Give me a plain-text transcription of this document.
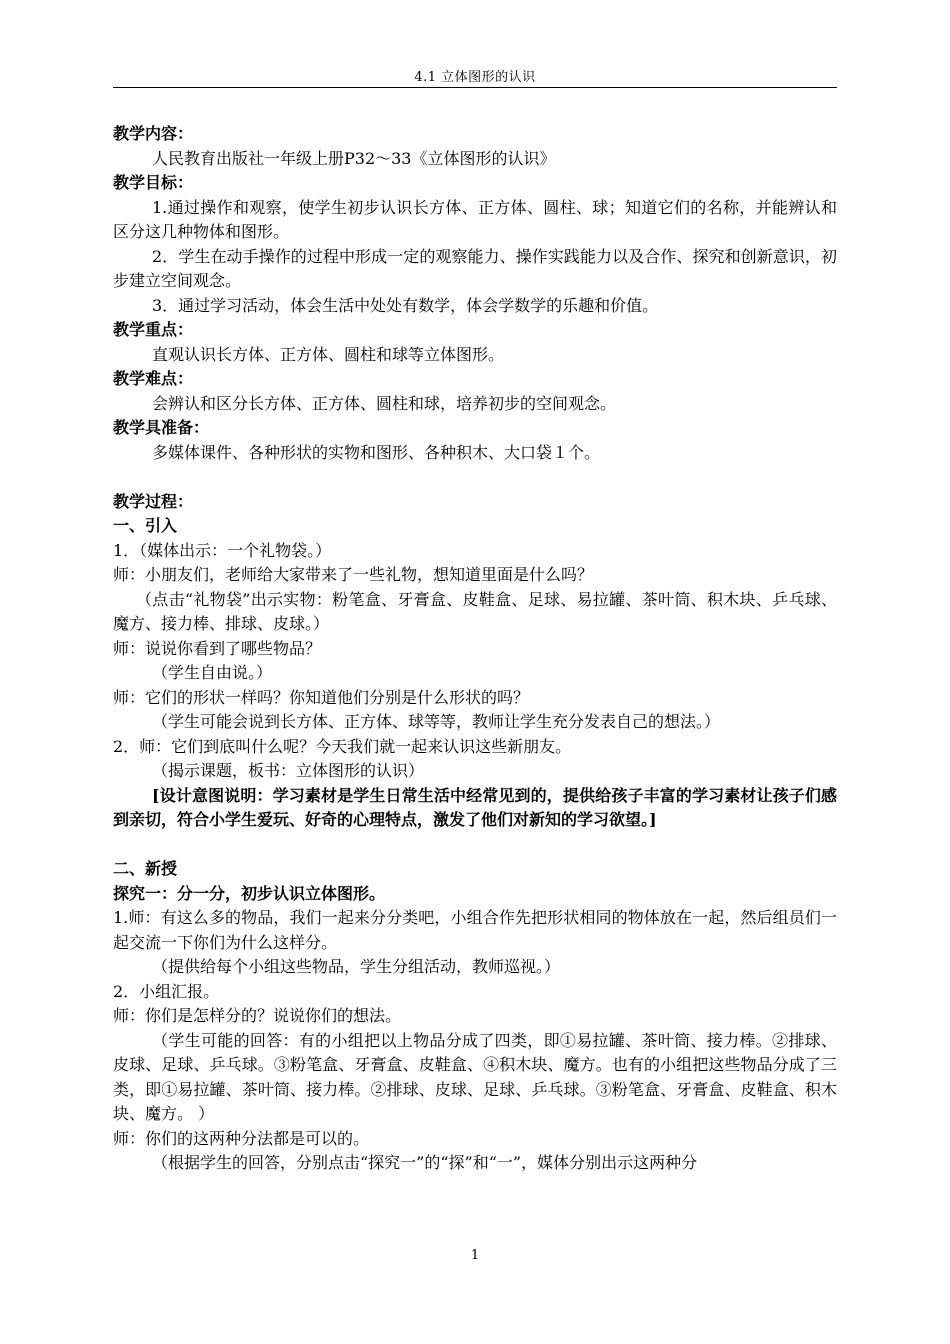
4.1 立体图形的认识

教学内容：

人民教育出版社一年级上册P32～33《立体图形的认识》

教学目标：

1.通过操作和观察，使学生初步认识长方体、正方体、圆柱、球；知道它们的名称，并能辨认和区分这几种物体和图形。

2．学生在动手操作的过程中形成一定的观察能力、操作实践能力以及合作、探究和创新意识，初步建立空间观念。

3．通过学习活动，体会生活中处处有数学，体会学数学的乐趣和价值。

教学重点：

直观认识长方体、正方体、圆柱和球等立体图形。

教学难点：

会辨认和区分长方体、正方体、圆柱和球，培养初步的空间观念。

教学具准备：

多媒体课件、各种形状的实物和图形、各种积木、大口袋１个。

教学过程：

一、引入

1．（媒体出示：一个礼物袋。）

师：小朋友们，老师给大家带来了一些礼物，想知道里面是什么吗？

（点击“礼物袋”出示实物：粉笔盒、牙膏盒、皮鞋盒、足球、易拉罐、茶叶筒、积木块、乒乓球、魔方、接力棒、排球、皮球。）

师：说说你看到了哪些物品？

（学生自由说。）

师：它们的形状一样吗？你知道他们分别是什么形状的吗？

（学生可能会说到长方体、正方体、球等等，教师让学生充分发表自己的想法。）

2．师：它们到底叫什么呢？今天我们就一起来认识这些新朋友。

（揭示课题，板书：立体图形的认识）

[设计意图说明：学习素材是学生日常生活中经常见到的，提供给孩子丰富的学习素材让孩子们感到亲切，符合小学生爱玩、好奇的心理特点，激发了他们对新知的学习欲望。]

二、新授

探究一：分一分，初步认识立体图形。

1.师：有这么多的物品，我们一起来分分类吧，小组合作先把形状相同的物体放在一起，然后组员们一起交流一下你们为什么这样分。

（提供给每个小组这些物品，学生分组活动，教师巡视。）

2．小组汇报。

师：你们是怎样分的？说说你们的想法。

（学生可能的回答：有的小组把以上物品分成了四类，即①易拉罐、茶叶筒、接力棒。②排球、皮球、足球、乒乓球。③粉笔盒、牙膏盒、皮鞋盒、④积木块、魔方。也有的小组把这些物品分成了三类，即①易拉罐、茶叶筒、接力棒。②排球、皮球、足球、乒乓球。③粉笔盒、牙膏盒、皮鞋盒、积木块、魔方。 ）

师：你们的这两种分法都是可以的。

（根据学生的回答，分别点击“探究一”的“探”和“一”，媒体分别出示这两种分

1
